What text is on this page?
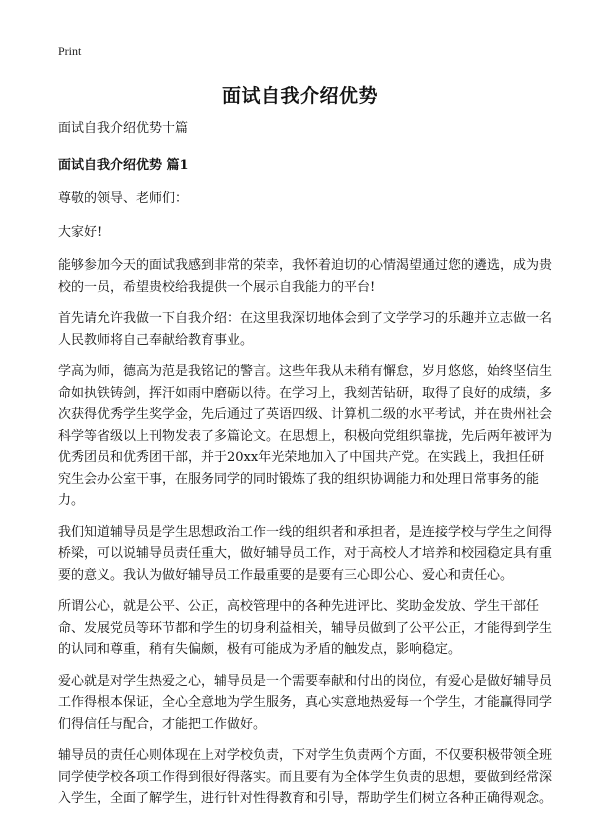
Print
面试自我介绍优势

面试自我介绍优势十篇

面试自我介绍优势 篇1

尊敬的领导、老师们：

大家好!

能够参加今天的面试我感到非常的荣幸，我怀着迫切的心情渴望通过您的遴选，成为贵校的一员，希望贵校给我提供一个展示自我能力的平台!

首先请允许我做一下自我介绍：在这里我深切地体会到了文学学习的乐趣并立志做一名人民教师将自己奉献给教育事业。

学高为师，德高为范是我铭记的警言。这些年我从未稍有懈怠，岁月悠悠，始终坚信生命如执铁铸剑，挥汗如雨中磨砺以待。在学习上，我刻苦钻研，取得了良好的成绩，多次获得优秀学生奖学金，先后通过了英语四级、计算机二级的水平考试，并在贵州社会科学等省级以上刊物发表了多篇论文。在思想上，积极向党组织靠拢，先后两年被评为优秀团员和优秀团干部，并于20xx年光荣地加入了中国共产党。在实践上，我担任研究生会办公室干事，在服务同学的同时锻炼了我的组织协调能力和处理日常事务的能力。

我们知道辅导员是学生思想政治工作一线的组织者和承担者，是连接学校与学生之间得桥梁，可以说辅导员责任重大，做好辅导员工作，对于高校人才培养和校园稳定具有重要的意义。我认为做好辅导员工作最重要的是要有三心即公心、爱心和责任心。

所谓公心，就是公平、公正，高校管理中的各种先进评比、奖助金发放、学生干部任命、发展党员等环节都和学生的切身利益相关，辅导员做到了公平公正，才能得到学生的认同和尊重，稍有失偏颇，极有可能成为矛盾的触发点，影响稳定。

爱心就是对学生热爱之心，辅导员是一个需要奉献和付出的岗位，有爱心是做好辅导员工作得根本保证，全心全意地为学生服务，真心实意地热爱每一个学生，才能赢得同学们得信任与配合，才能把工作做好。

辅导员的责任心则体现在上对学校负责，下对学生负责两个方面，不仅要积极带领全班同学使学校各项工作得到很好得落实。而且要有为全体学生负责的思想，要做到经常深入学生，全面了解学生，进行针对性得教育和引导，帮助学生们树立各种正确得观念。
